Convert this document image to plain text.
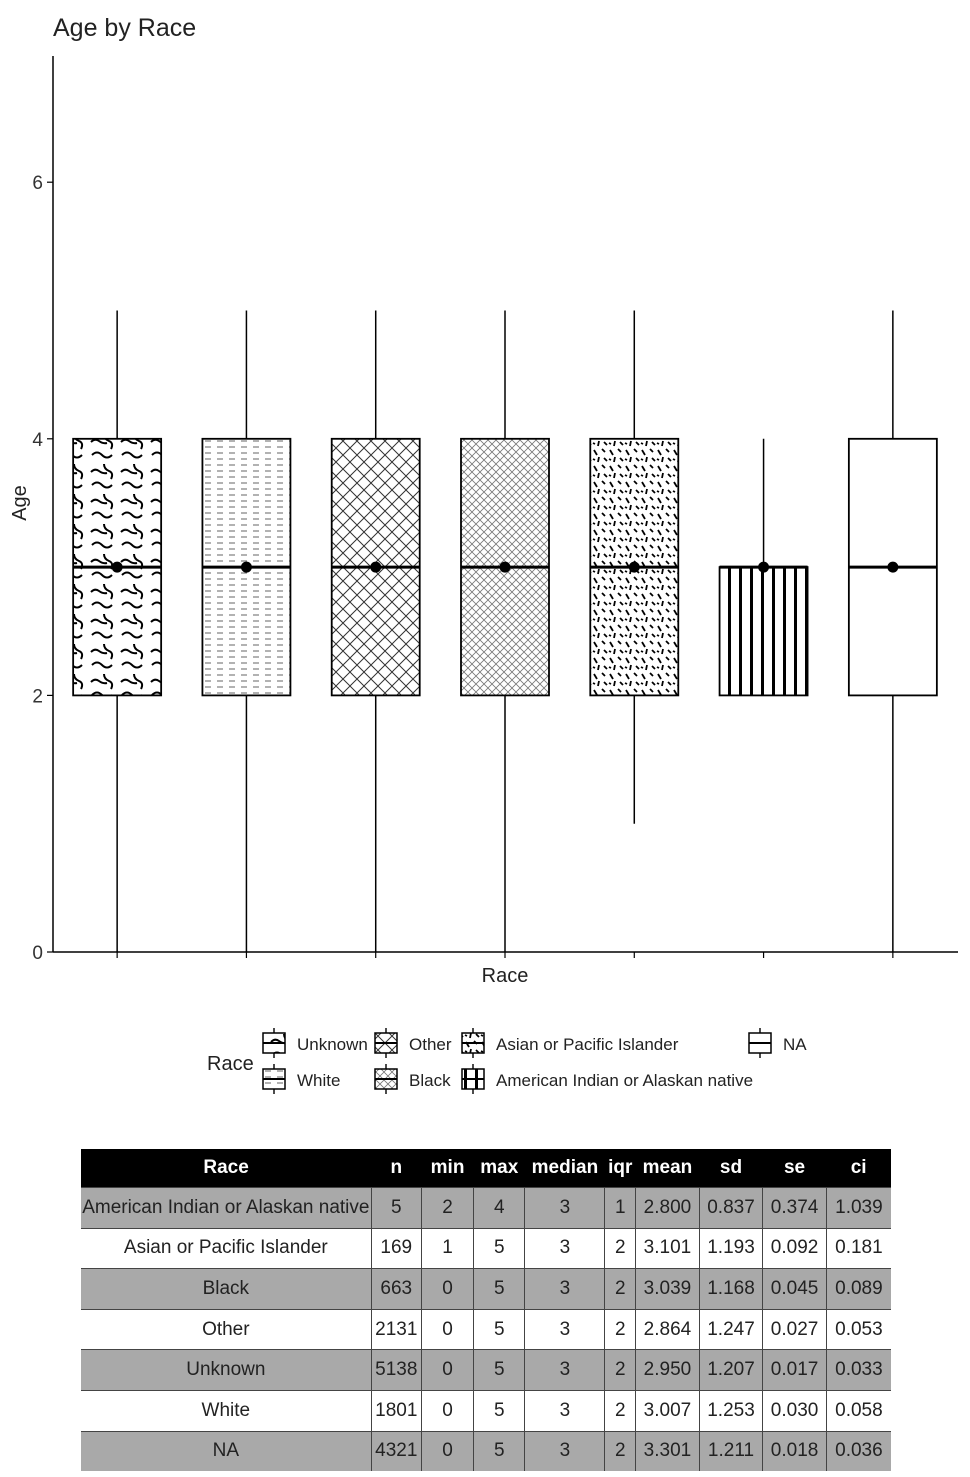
Age by Race
0
2
4
6
Race
Age
Race
Unknown
White
Other
Black
Asian or Pacific Islander
American Indian or Alaskan native
NA
Race	n	min	max	median	iqr	mean	sd	se	ci
American Indian or Alaskan native	5	2	4	3	1	2.800	0.837	0.374	1.039
Asian or Pacific Islander	169	1	5	3	2	3.101	1.193	0.092	0.181
Black	663	0	5	3	2	3.039	1.168	0.045	0.089
Other	2131	0	5	3	2	2.864	1.247	0.027	0.053
Unknown	5138	0	5	3	2	2.950	1.207	0.017	0.033
White	1801	0	5	3	2	3.007	1.253	0.030	0.058
NA	4321	0	5	3	2	3.301	1.211	0.018	0.036
